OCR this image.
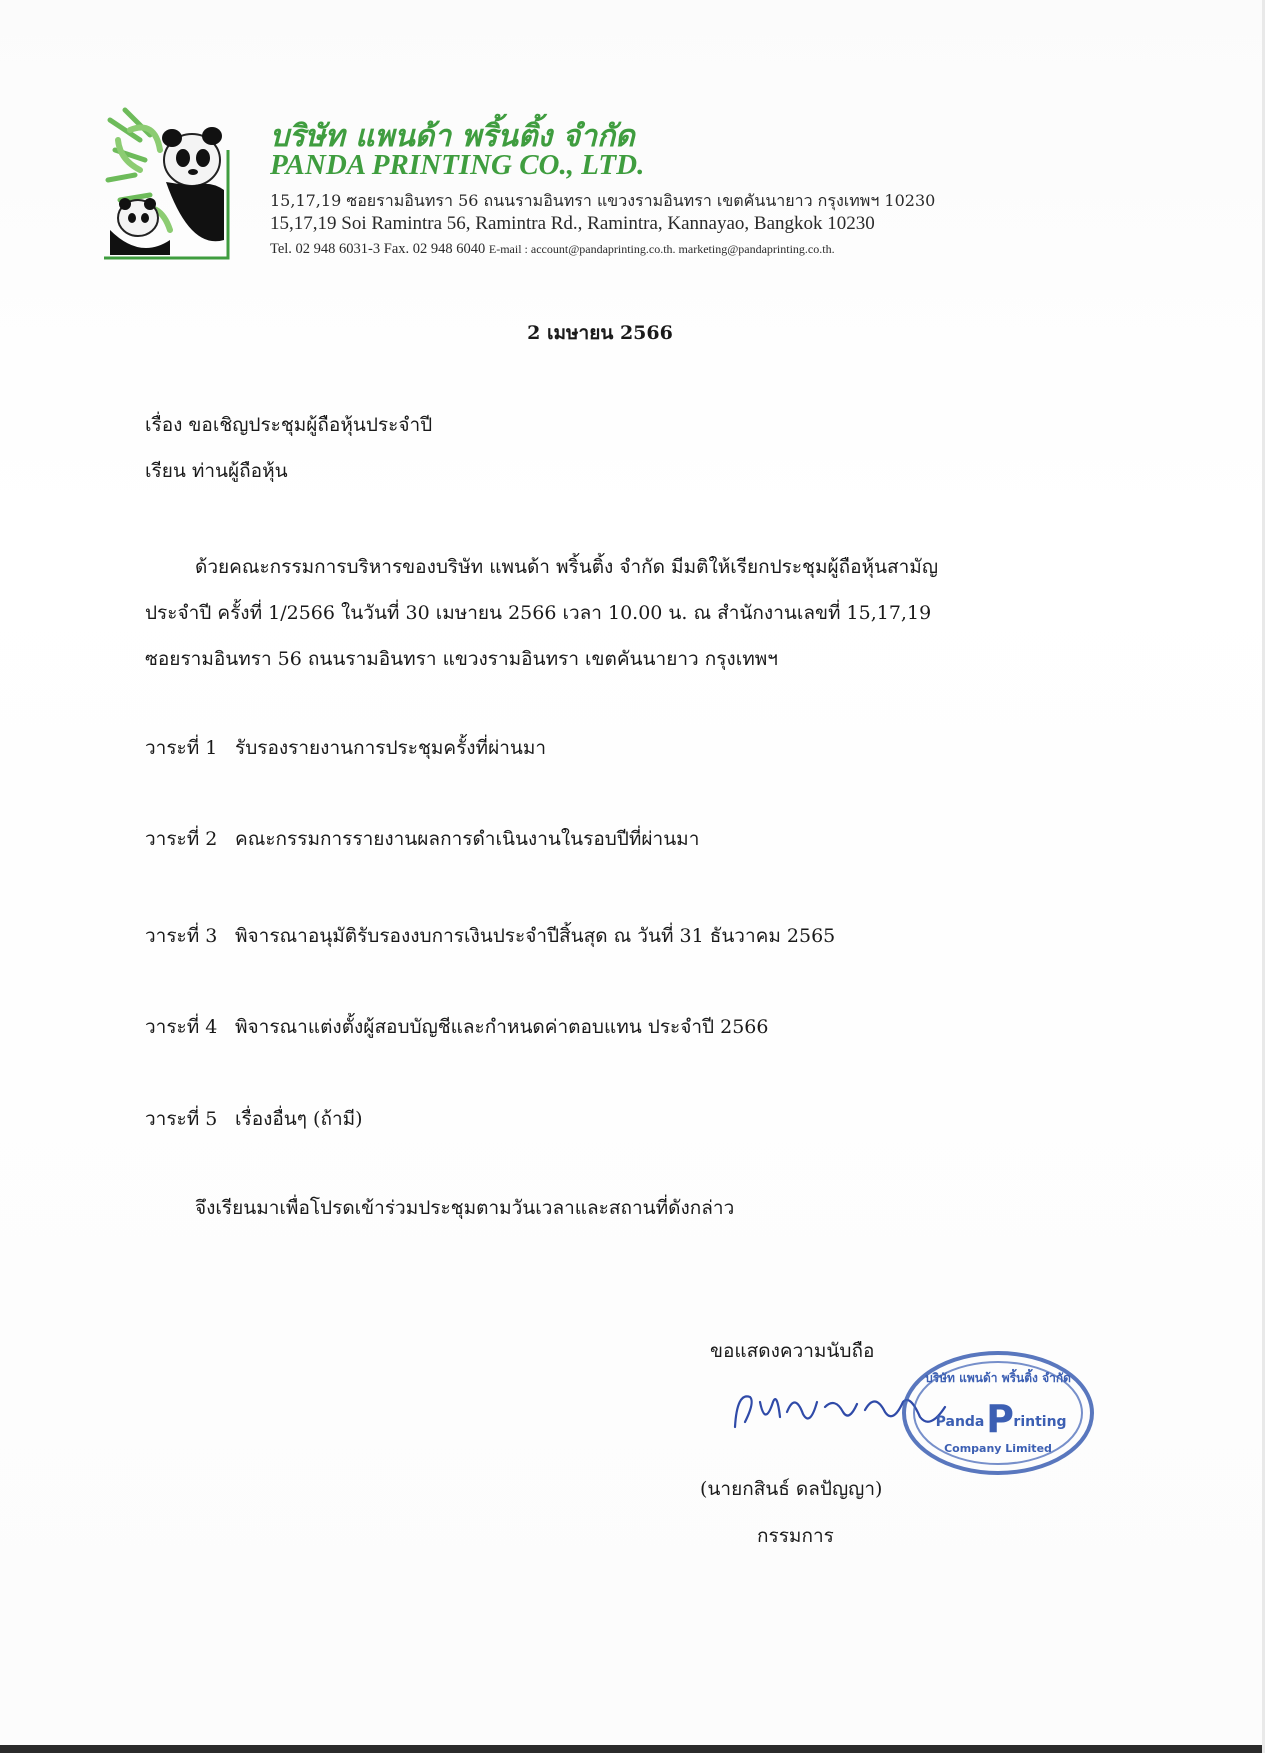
บริษัท แพนด้า พริ้นติ้ง จำกัด
PANDA PRINTING CO., LTD.
15,17,19 ซอยรามอินทรา 56 ถนนรามอินทรา แขวงรามอินทรา เขตคันนายาว กรุงเทพฯ 10230
15,17,19 Soi Ramintra 56, Ramintra Rd., Ramintra, Kannayao, Bangkok 10230
Tel. 02 948 6031-3 Fax. 02 948 6040 E-mail : account@pandaprinting.co.th. marketing@pandaprinting.co.th.
2 เมษายน 2566
เรื่อง ขอเชิญประชุมผู้ถือหุ้นประจำปี
เรียน ท่านผู้ถือหุ้น
ด้วยคณะกรรมการบริหารของบริษัท แพนด้า พริ้นติ้ง จำกัด มีมติให้เรียกประชุมผู้ถือหุ้นสามัญ
ประจำปี ครั้งที่ 1/2566 ในวันที่ 30 เมษายน 2566 เวลา 10.00 น. ณ สำนักงานเลขที่ 15,17,19
ซอยรามอินทรา 56 ถนนรามอินทรา แขวงรามอินทรา เขตคันนายาว กรุงเทพฯ
วาระที่ 1 รับรองรายงานการประชุมครั้งที่ผ่านมา
วาระที่ 2 คณะกรรมการรายงานผลการดำเนินงานในรอบปีที่ผ่านมา
วาระที่ 3 พิจารณาอนุมัติรับรองงบการเงินประจำปีสิ้นสุด ณ วันที่ 31 ธันวาคม 2565
วาระที่ 4 พิจารณาแต่งตั้งผู้สอบบัญชีและกำหนดค่าตอบแทน ประจำปี 2566
วาระที่ 5 เรื่องอื่นๆ (ถ้ามี)
จึงเรียนมาเพื่อโปรดเข้าร่วมประชุมตามวันเวลาและสถานที่ดังกล่าว
ขอแสดงความนับถือ
บริษัท แพนด้า พริ้นติ้ง จำกัด
Panda P rinting
Company Limited
(นายกสินธ์ ดลปัญญา)
กรรมการ
